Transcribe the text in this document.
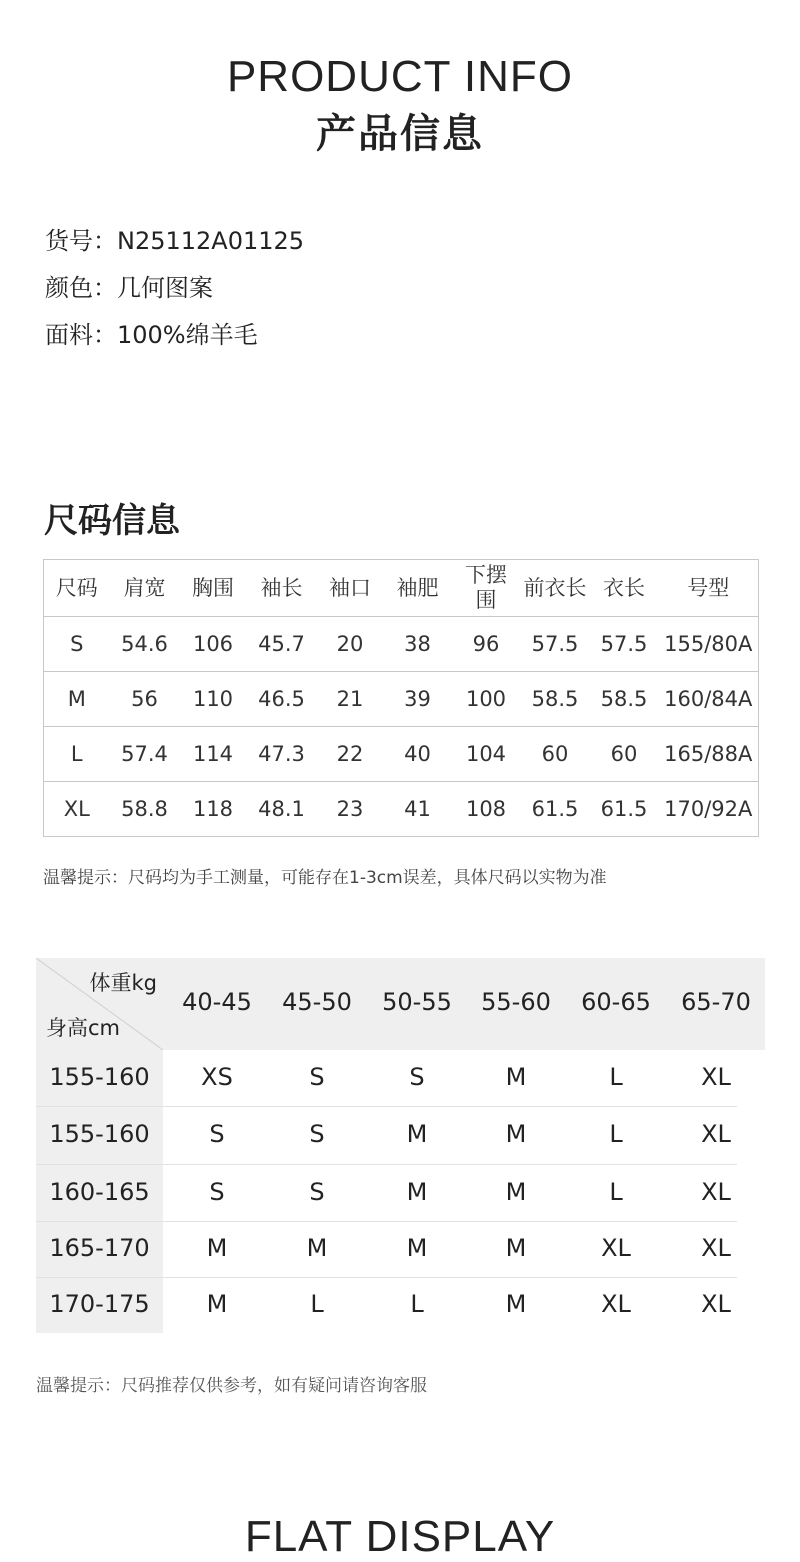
PRODUCT INFO
产品信息
货号：N25112A01125
颜色：几何图案
面料：100%绵羊毛
尺码信息
尺码	肩宽	胸围	袖长	袖口	袖肥	下摆围	前衣长	衣长	号型
S	54.6	106	45.7	20	38	96	57.5	57.5	155/80A
M	56	110	46.5	21	39	100	58.5	58.5	160/84A
L	57.4	114	47.3	22	40	104	60	60	165/88A
XL	58.8	118	48.1	23	41	108	61.5	61.5	170/92A
温馨提示：尺码均为手工测量，可能存在1-3cm误差，具体尺码以实物为准
体重kg
身高cm
40-45	45-50	50-55	55-60	60-65	65-70
155-160	XS	S	S	M	L	XL
155-160	S	S	M	M	L	XL
160-165	S	S	M	M	L	XL
165-170	M	M	M	M	XL	XL
170-175	M	L	L	M	XL	XL
温馨提示：尺码推荐仅供参考，如有疑问请咨询客服
FLAT DISPLAY
